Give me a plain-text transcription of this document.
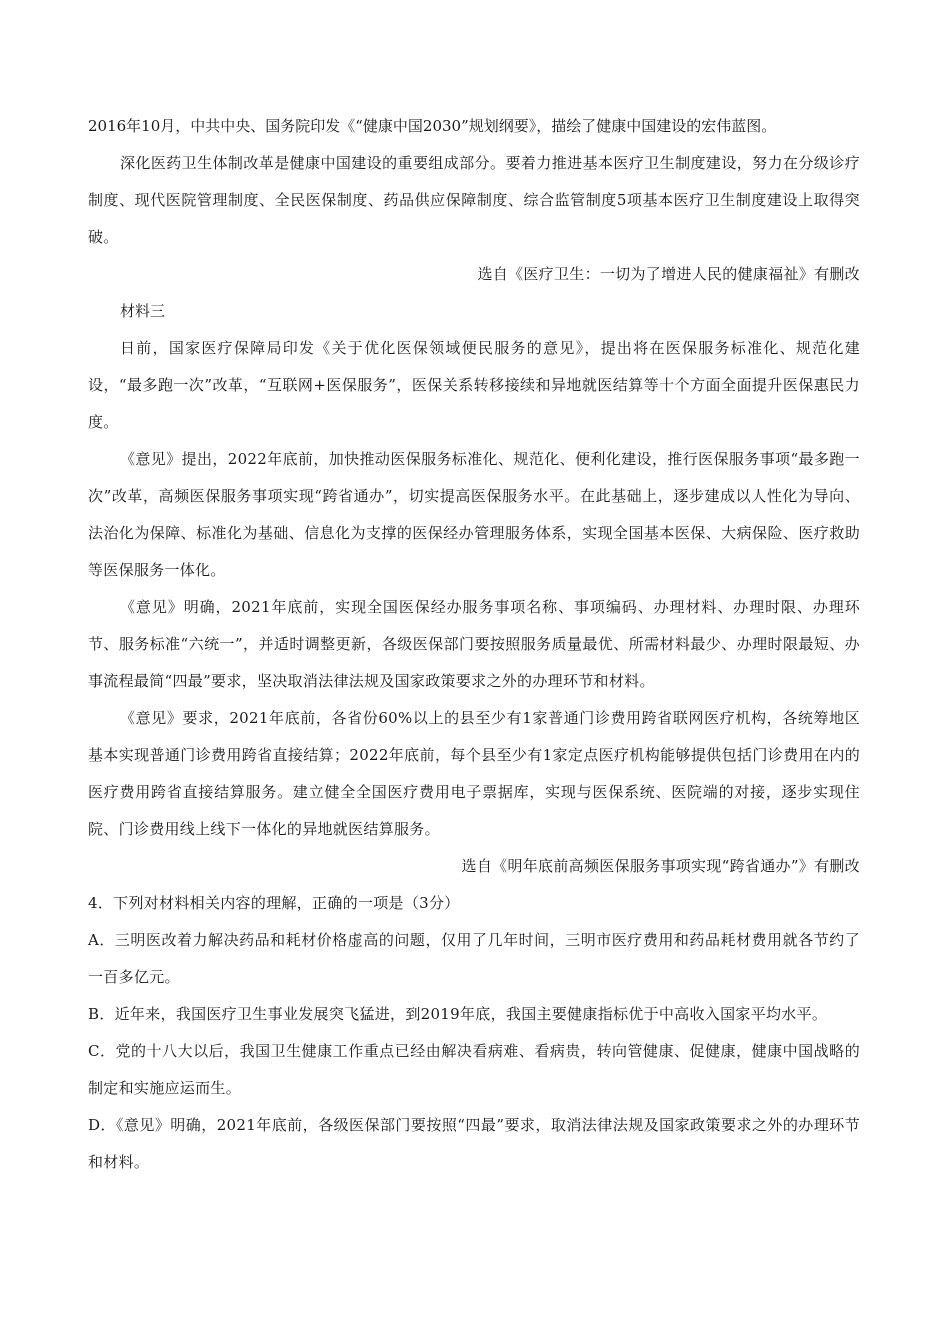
2016年10月，中共中央、国务院印发《“健康中国2030”规划纲要》，描绘了健康中国建设的宏伟蓝图。

深化医药卫生体制改革是健康中国建设的重要组成部分。要着力推进基本医疗卫生制度建设，努力在分级诊疗制度、现代医院管理制度、全民医保制度、药品供应保障制度、综合监管制度5项基本医疗卫生制度建设上取得突破。

选自《医疗卫生：一切为了增进人民的健康福祉》有删改

材料三

日前，国家医疗保障局印发《关于优化医保领域便民服务的意见》，提出将在医保服务标准化、规范化建设，“最多跑一次”改革，“互联网+医保服务”，医保关系转移接续和异地就医结算等十个方面全面提升医保惠民力度。

《意见》提出，2022年底前，加快推动医保服务标准化、规范化、便利化建设，推行医保服务事项“最多跑一次”改革，高频医保服务事项实现“跨省通办”，切实提高医保服务水平。在此基础上，逐步建成以人性化为导向、法治化为保障、标准化为基础、信息化为支撑的医保经办管理服务体系，实现全国基本医保、大病保险、医疗救助等医保服务一体化。

《意见》明确，2021年底前，实现全国医保经办服务事项名称、事项编码、办理材料、办理时限、办理环节、服务标准“六统一”，并适时调整更新，各级医保部门要按照服务质量最优、所需材料最少、办理时限最短、办事流程最简“四最”要求，坚决取消法律法规及国家政策要求之外的办理环节和材料。

《意见》要求，2021年底前，各省份60%以上的县至少有1家普通门诊费用跨省联网医疗机构，各统筹地区基本实现普通门诊费用跨省直接结算；2022年底前，每个县至少有1家定点医疗机构能够提供包括门诊费用在内的医疗费用跨省直接结算服务。建立健全全国医疗费用电子票据库，实现与医保系统、医院端的对接，逐步实现住院、门诊费用线上线下一体化的异地就医结算服务。

选自《明年底前高频医保服务事项实现“跨省通办”》有删改

4．下列对材料相关内容的理解，正确的一项是（3分）

A．三明医改着力解决药品和耗材价格虚高的问题，仅用了几年时间，三明市医疗费用和药品耗材费用就各节约了一百多亿元。

B．近年来，我国医疗卫生事业发展突飞猛进，到2019年底，我国主要健康指标优于中高收入国家平均水平。

C．党的十八大以后，我国卫生健康工作重点已经由解决看病难、看病贵，转向管健康、促健康，健康中国战略的制定和实施应运而生。

D．《意见》明确，2021年底前，各级医保部门要按照“四最”要求，取消法律法规及国家政策要求之外的办理环节和材料。
